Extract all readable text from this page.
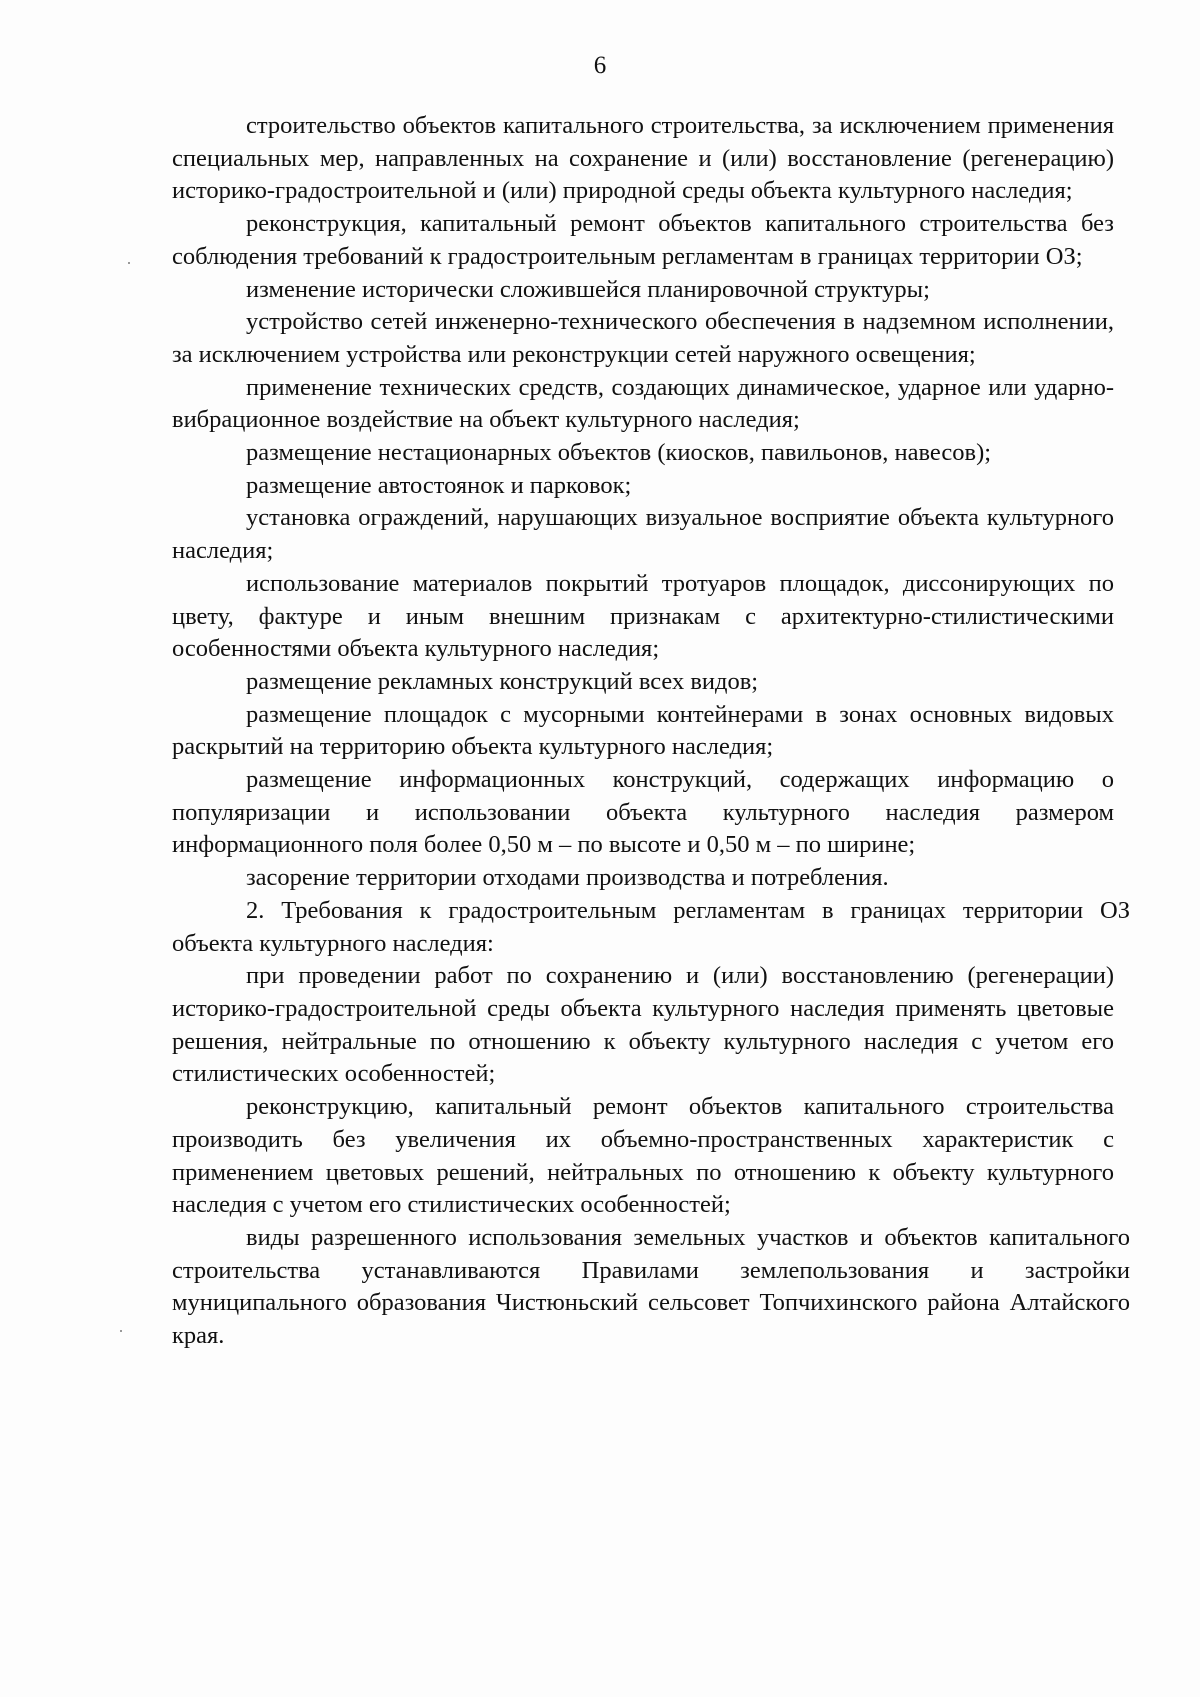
6

строительство объектов капитального строительства, за исключением применения специальных мер, направленных на сохранение и (или) восстановление (регенерацию) историко-градостроительной и (или) природной среды объекта культурного наследия;

реконструкция, капитальный ремонт объектов капитального строительства без соблюдения требований к градостроительным регламентам в границах территории ОЗ;

изменение исторически сложившейся планировочной структуры;

устройство сетей инженерно-технического обеспечения в надземном исполнении, за исключением устройства или реконструкции сетей наружного освещения;

применение технических средств, создающих динамическое, ударное или ударно-вибрационное воздействие на объект культурного наследия;

размещение нестационарных объектов (киосков, павильонов, навесов);

размещение автостоянок и парковок;

установка ограждений, нарушающих визуальное восприятие объекта культурного наследия;

использование материалов покрытий тротуаров площадок, диссонирующих по цвету, фактуре и иным внешним признакам с архитектурно-стилистическими особенностями объекта культурного наследия;

размещение рекламных конструкций всех видов;

размещение площадок с мусорными контейнерами в зонах основных видовых раскрытий на территорию объекта культурного наследия;

размещение информационных конструкций, содержащих информацию о популяризации и использовании объекта культурного наследия размером информационного поля более 0,50 м – по высоте и 0,50 м – по ширине;

засорение территории отходами производства и потребления.

2. Требования к градостроительным регламентам в границах территории ОЗ объекта культурного наследия:

при проведении работ по сохранению и (или) восстановлению (регенерации) историко-градостроительной среды объекта культурного наследия применять цветовые решения, нейтральные по отношению к объекту культурного наследия с учетом его стилистических особенностей;

реконструкцию, капитальный ремонт объектов капитального строительства производить без увеличения их объемно-пространственных характеристик с применением цветовых решений, нейтральных по отношению к объекту культурного наследия с учетом его стилистических особенностей;

виды разрешенного использования земельных участков и объектов капитального строительства устанавливаются Правилами землепользования и застройки муниципального образования Чистюньский сельсовет Топчихинского района Алтайского края.
